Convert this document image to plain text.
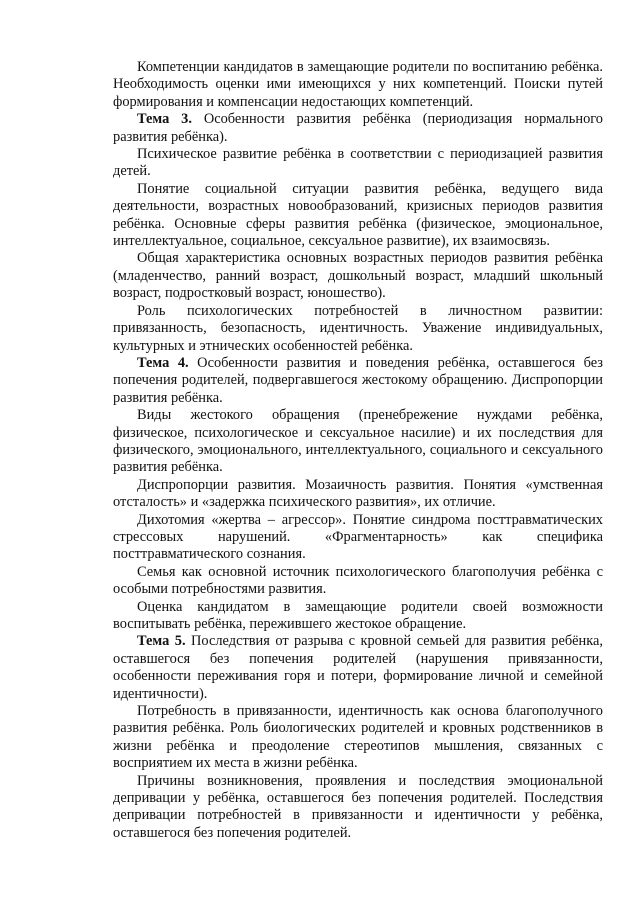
Компетенции кандидатов в замещающие родители по воспитанию ребёнка. Необходимость оценки ими имеющихся у них компетенций. Поиски путей формирования и компенсации недостающих компетенций.

Тема 3. Особенности развития ребёнка (периодизация нормального развития ребёнка).

Психическое развитие ребёнка в соответствии с периодизацией развития детей.

Понятие социальной ситуации развития ребёнка, ведущего вида деятельности, возрастных новообразований, кризисных периодов развития ребёнка. Основные сферы развития ребёнка (физическое, эмоциональное, интеллектуальное, социальное, сексуальное развитие), их взаимосвязь.

Общая характеристика основных возрастных периодов развития ребёнка (младенчество, ранний возраст, дошкольный возраст, младший школьный возраст, подростковый возраст, юношество).

Роль психологических потребностей в личностном развитии: привязанность, безопасность, идентичность. Уважение индивидуальных, культурных и этнических особенностей ребёнка.

Тема 4. Особенности развития и поведения ребёнка, оставшегося без попечения родителей, подвергавшегося жестокому обращению. Диспропорции развития ребёнка.

Виды жестокого обращения (пренебрежение нуждами ребёнка, физическое, психологическое и сексуальное насилие) и их последствия для физического, эмоционального, интеллектуального, социального и сексуального развития ребёнка.

Диспропорции развития. Мозаичность развития. Понятия «умственная отсталость» и «задержка психического развития», их отличие.

Дихотомия «жертва – агрессор». Понятие синдрома посттравматических стрессовых нарушений. «Фрагментарность» как специфика посттравматического сознания.

Семья как основной источник психологического благополучия ребёнка с особыми потребностями развития.

Оценка кандидатом в замещающие родители своей возможности воспитывать ребёнка, пережившего жестокое обращение.

Тема 5. Последствия от разрыва с кровной семьей для развития ребёнка, оставшегося без попечения родителей (нарушения привязанности, особенности переживания горя и потери, формирование личной и семейной идентичности).

Потребность в привязанности, идентичность как основа благополучного развития ребёнка. Роль биологических родителей и кровных родственников в жизни ребёнка и преодоление стереотипов мышления, связанных с восприятием их места в жизни ребёнка.

Причины возникновения, проявления и последствия эмоциональной депривации у ребёнка, оставшегося без попечения родителей. Последствия депривации потребностей в привязанности и идентичности у ребёнка, оставшегося без попечения родителей.
